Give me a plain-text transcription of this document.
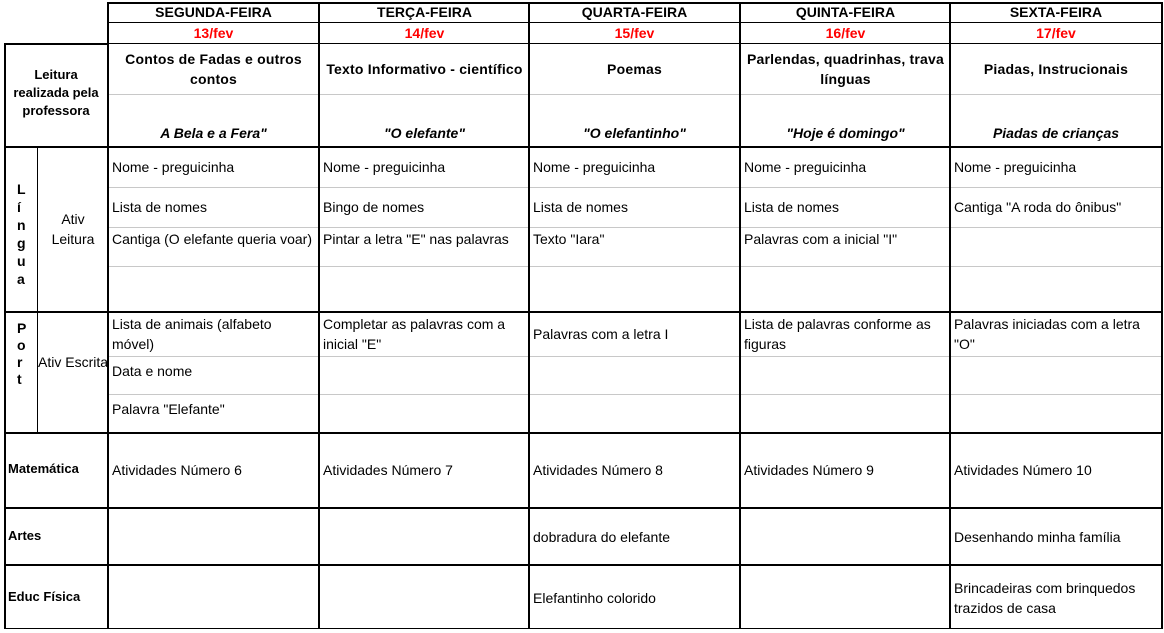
SEGUNDA-FEIRA
13/fev
Contos de Fadas e outros contos
A Bela e a Fera"
Nome - preguicinha
Lista de nomes
Cantiga (O elefante queria voar)
Lista de animais (alfabeto móvel)
Data e nome
Palavra "Elefante"
Atividades Número 6
TERÇA-FEIRA
14/fev
Texto Informativo - científico
"O elefante"
Nome - preguicinha
Bingo de nomes
Pintar a letra "E" nas palavras
Completar as palavras com a inicial "E"
Atividades Número 7
QUARTA-FEIRA
15/fev
Poemas
"O elefantinho"
Nome - preguicinha
Lista de nomes
Texto "Iara"
Palavras com a letra I
Atividades Número 8
dobradura do elefante
Elefantinho colorido
QUINTA-FEIRA
16/fev
Parlendas, quadrinhas, trava línguas
"Hoje é domingo"
Nome - preguicinha
Lista de nomes
Palavras com a inicial "I"
Lista de palavras conforme as figuras
Atividades Número 9
SEXTA-FEIRA
17/fev
Piadas, Instrucionais
Piadas de crianças
Nome - preguicinha
Cantiga "A roda do ônibus"
Palavras iniciadas com a letra "O"
Atividades Número 10
Desenhando minha família
Brincadeiras com brinquedos trazidos de casa
Leitura realizada pela professora
L
í
n
g
u
a
P
o
r
t
Ativ Leitura
Ativ Escrita
Matemática
Artes
Educ Física
